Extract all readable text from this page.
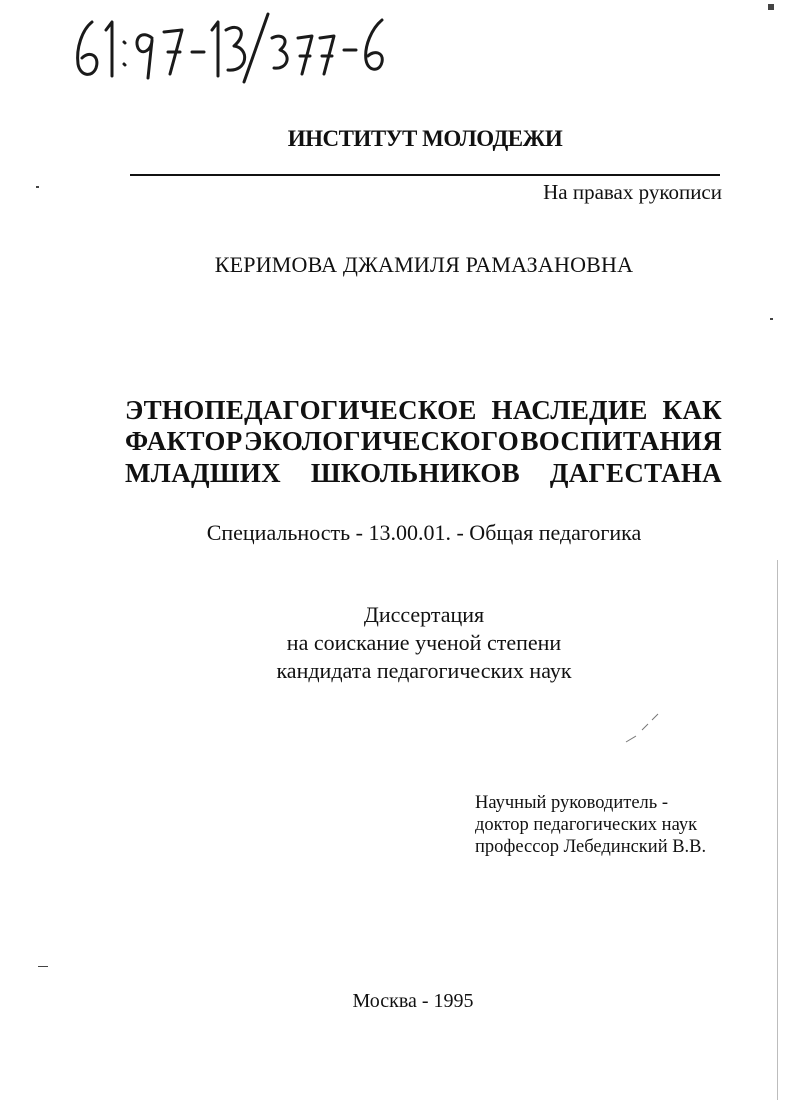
61:97-13/377-6
ИНСТИТУТ МОЛОДЕЖИ
На правах рукописи
КЕРИМОВА ДЖАМИЛЯ РАМАЗАНОВНА
ЭТНОПЕДАГОГИЧЕСКОЕ НАСЛЕДИЕ КАК
ФАКТОР ЭКОЛОГИЧЕСКОГО ВОСПИТАНИЯ
МЛАДШИХ ШКОЛЬНИКОВ ДАГЕСТАНА
Специальность - 13.00.01. - Общая педагогика
Диссертация
на соискание ученой степени
кандидата педагогических наук
Научный руководитель -
доктор педагогических наук
профессор Лебединский В.В.
Москва - 1995
